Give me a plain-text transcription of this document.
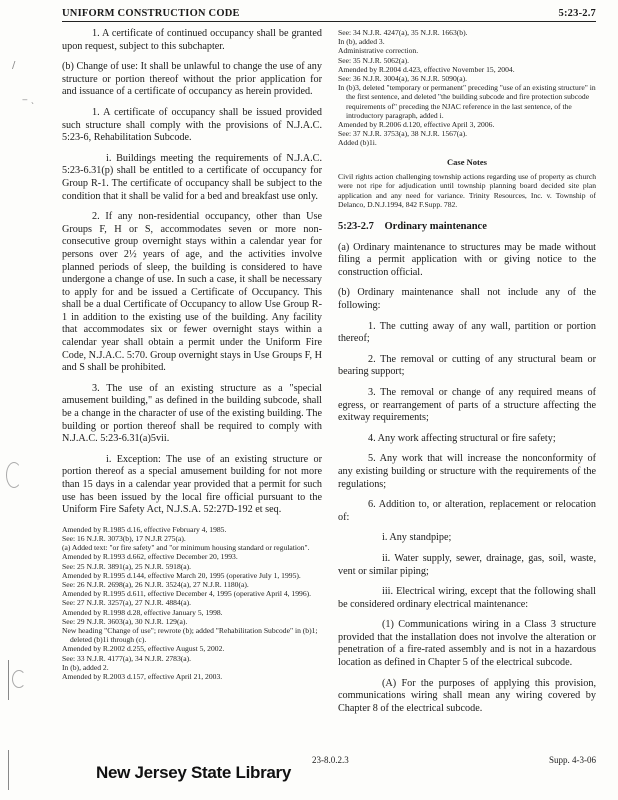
UNIFORM CONSTRUCTION CODE	5:23-2.7
/
‒ ˎ

1. A certificate of continued occupancy shall be granted upon request, subject to this subchapter.

(b) Change of use: It shall be unlawful to change the use of any structure or portion thereof without the prior application for and issuance of a certificate of occupancy as herein provided.

1. A certificate of occupancy shall be issued provided such structure shall comply with the provisions of N.J.A.C. 5:23-6, Rehabilitation Subcode.

i. Buildings meeting the requirements of N.J.A.C. 5:23-6.31(p) shall be entitled to a certificate of occupancy for Group R-1. The certificate of occupancy shall be subject to the condition that it shall be valid for a bed and breakfast use only.

2. If any non-residential occupancy, other than Use Groups F, H or S, accommodates seven or more non-consecutive group overnight stays within a calendar year for persons over 2½ years of age, and the activities involve planned periods of sleep, the building is considered to have undergone a change of use. In such a case, it shall be necessary to apply for and be issued a Certificate of Occupancy. This shall be a dual Certificate of Occupancy to allow Use Group R-1 in addition to the existing use of the building. Any facility that accommodates six or fewer overnight stays within a calendar year shall obtain a permit under the Uniform Fire Code, N.J.A.C. 5:70. Group overnight stays in Use Groups F, H and S shall be prohibited.

3. The use of an existing structure as a "special amusement building," as defined in the building subcode, shall be a change in the character of use of the existing building. The building or portion thereof shall be required to comply with N.J.A.C. 5:23-6.31(a)5vii.

i. Exception: The use of an existing structure or portion thereof as a special amusement building for not more than 15 days in a calendar year provided that a permit for such use has been issued by the local fire official pursuant to the Uniform Fire Safety Act, N.J.S.A. 52:27D-192 et seq.

Amended by R.1985 d.16, effective February 4, 1985.
See: 16 N.J.R. 3073(b), 17 N.J.R 275(a).
(a) Added text: "or fire safety" and "or minimum housing standard or regulation".
Amended by R.1993 d.662, effective December 20, 1993.
See: 25 N.J.R. 3891(a), 25 N.J.R. 5918(a).
Amended by R.1995 d.144, effective March 20, 1995 (operative July 1, 1995).
See: 26 N.J.R. 2698(a), 26 N.J.R. 3524(a), 27 N.J.R. 1180(a).
Amended by R.1995 d.611, effective December 4, 1995 (operative April 4, 1996).
See: 27 N.J.R. 3257(a), 27 N.J.R. 4884(a).
Amended by R.1998 d.28, effective January 5, 1998.
See: 29 N.J.R. 3603(a), 30 N.J.R. 129(a).
New heading "Change of use"; rewrote (b); added "Rehabilitation Subcode" in (b)1; deleted (b)1i through (c).
Amended by R.2002 d.255, effective August 5, 2002.
See: 33 N.J.R. 4177(a), 34 N.J.R. 2783(a).
In (b), added 2.
Amended by R.2003 d.157, effective April 21, 2003.
See: 34 N.J.R. 4247(a), 35 N.J.R. 1663(b).
In (b), added 3.
Administrative correction.
See: 35 N.J.R. 5062(a).
Amended by R.2004 d.423, effective November 15, 2004.
See: 36 N.J.R. 3004(a), 36 N.J.R. 5090(a).
In (b)3, deleted "temporary or permanent" preceding "use of an existing structure" in the first sentence, and deleted "the building subcode and fire protection subcode requirements of" preceding the NJAC reference in the last sentence, of the introductory paragraph, added i.
Amended by R.2006 d.120, effective April 3, 2006.
See: 37 N.J.R. 3753(a), 38 N.J.R. 1567(a).
Added (b)1i.
Case Notes
Civil rights action challenging township actions regarding use of property as church were not ripe for adjudication until township planning board decided site plan application and any need for variance. Trinity Resources, Inc. v. Township of Delanco, D.N.J.1994, 842 F.Supp. 782.
5:23-2.7 Ordinary maintenance

(a) Ordinary maintenance to structures may be made without filing a permit application with or giving notice to the construction official.

(b) Ordinary maintenance shall not include any of the following:

1. The cutting away of any wall, partition or portion thereof;

2. The removal or cutting of any structural beam or bearing support;

3. The removal or change of any required means of egress, or rearrangement of parts of a structure affecting the exitway requirements;

4. Any work affecting structural or fire safety;

5. Any work that will increase the nonconformity of any existing building or structure with the requirements of the regulations;

6. Addition to, or alteration, replacement or relocation of:

i. Any standpipe;

ii. Water supply, sewer, drainage, gas, soil, waste, vent or similar piping;

iii. Electrical wiring, except that the following shall be considered ordinary electrical maintenance:

(1) Communications wiring in a Class 3 structure provided that the installation does not involve the alteration or penetration of a fire-rated assembly and is not in a hazardous location as defined in Chapter 5 of the electrical subcode.

(A) For the purposes of applying this provision, communications wiring shall mean any wiring covered by Chapter 8 of the electrical subcode.

New Jersey State Library
23-8.0.2.3	Supp. 4-3-06
